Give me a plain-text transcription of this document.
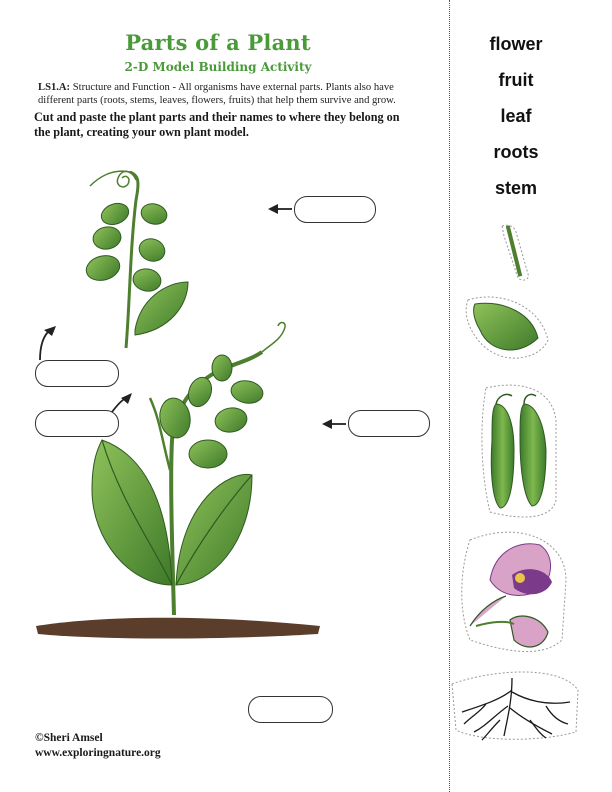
Parts of a Plant
2-D Model Building Activity
LS1.A: Structure and Function - All organisms have external parts. Plants also have different parts (roots, stems, leaves, flowers, fruits) that help them survive and grow.
Cut and paste the plant parts and their names to where they belong on the plant, creating your own plant model.
flower
fruit
leaf
roots
stem
©Sheri Amsel
www.exploringnature.org
